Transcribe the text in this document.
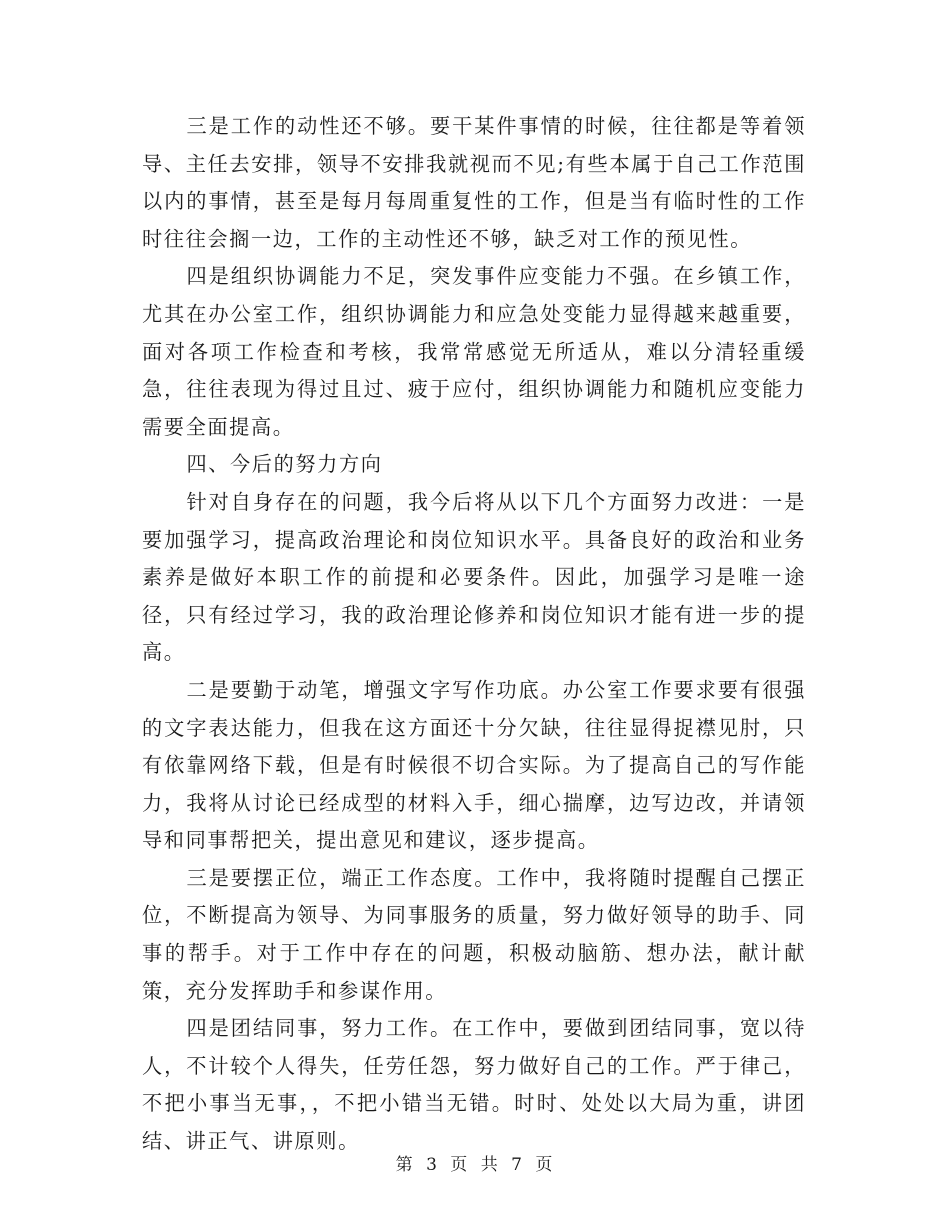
三是工作的动性还不够。要干某件事情的时候，往往都是等着领导、主任去安排，领导不安排我就视而不见;有些本属于自己工作范围以内的事情，甚至是每月每周重复性的工作，但是当有临时性的工作时往往会搁一边，工作的主动性还不够，缺乏对工作的预见性。

四是组织协调能力不足，突发事件应变能力不强。在乡镇工作，尤其在办公室工作，组织协调能力和应急处变能力显得越来越重要，面对各项工作检查和考核，我常常感觉无所适从，难以分清轻重缓急，往往表现为得过且过、疲于应付，组织协调能力和随机应变能力需要全面提高。

四、今后的努力方向

针对自身存在的问题，我今后将从以下几个方面努力改进：一是要加强学习，提高政治理论和岗位知识水平。具备良好的政治和业务素养是做好本职工作的前提和必要条件。因此，加强学习是唯一途径，只有经过学习，我的政治理论修养和岗位知识才能有进一步的提高。

二是要勤于动笔，增强文字写作功底。办公室工作要求要有很强的文字表达能力，但我在这方面还十分欠缺，往往显得捉襟见肘，只有依靠网络下载，但是有时候很不切合实际。为了提高自己的写作能力，我将从讨论已经成型的材料入手，细心揣摩，边写边改，并请领导和同事帮把关，提出意见和建议，逐步提高。

三是要摆正位，端正工作态度。工作中，我将随时提醒自己摆正位，不断提高为领导、为同事服务的质量，努力做好领导的助手、同事的帮手。对于工作中存在的问题，积极动脑筋、想办法，献计献策，充分发挥助手和参谋作用。

四是团结同事，努力工作。在工作中，要做到团结同事，宽以待人，不计较个人得失，任劳任怨，努力做好自己的工作。严于律己，不把小事当无事，，不把小错当无错。时时、处处以大局为重，讲团结、讲正气、讲原则。

第 3 页 共 7 页
